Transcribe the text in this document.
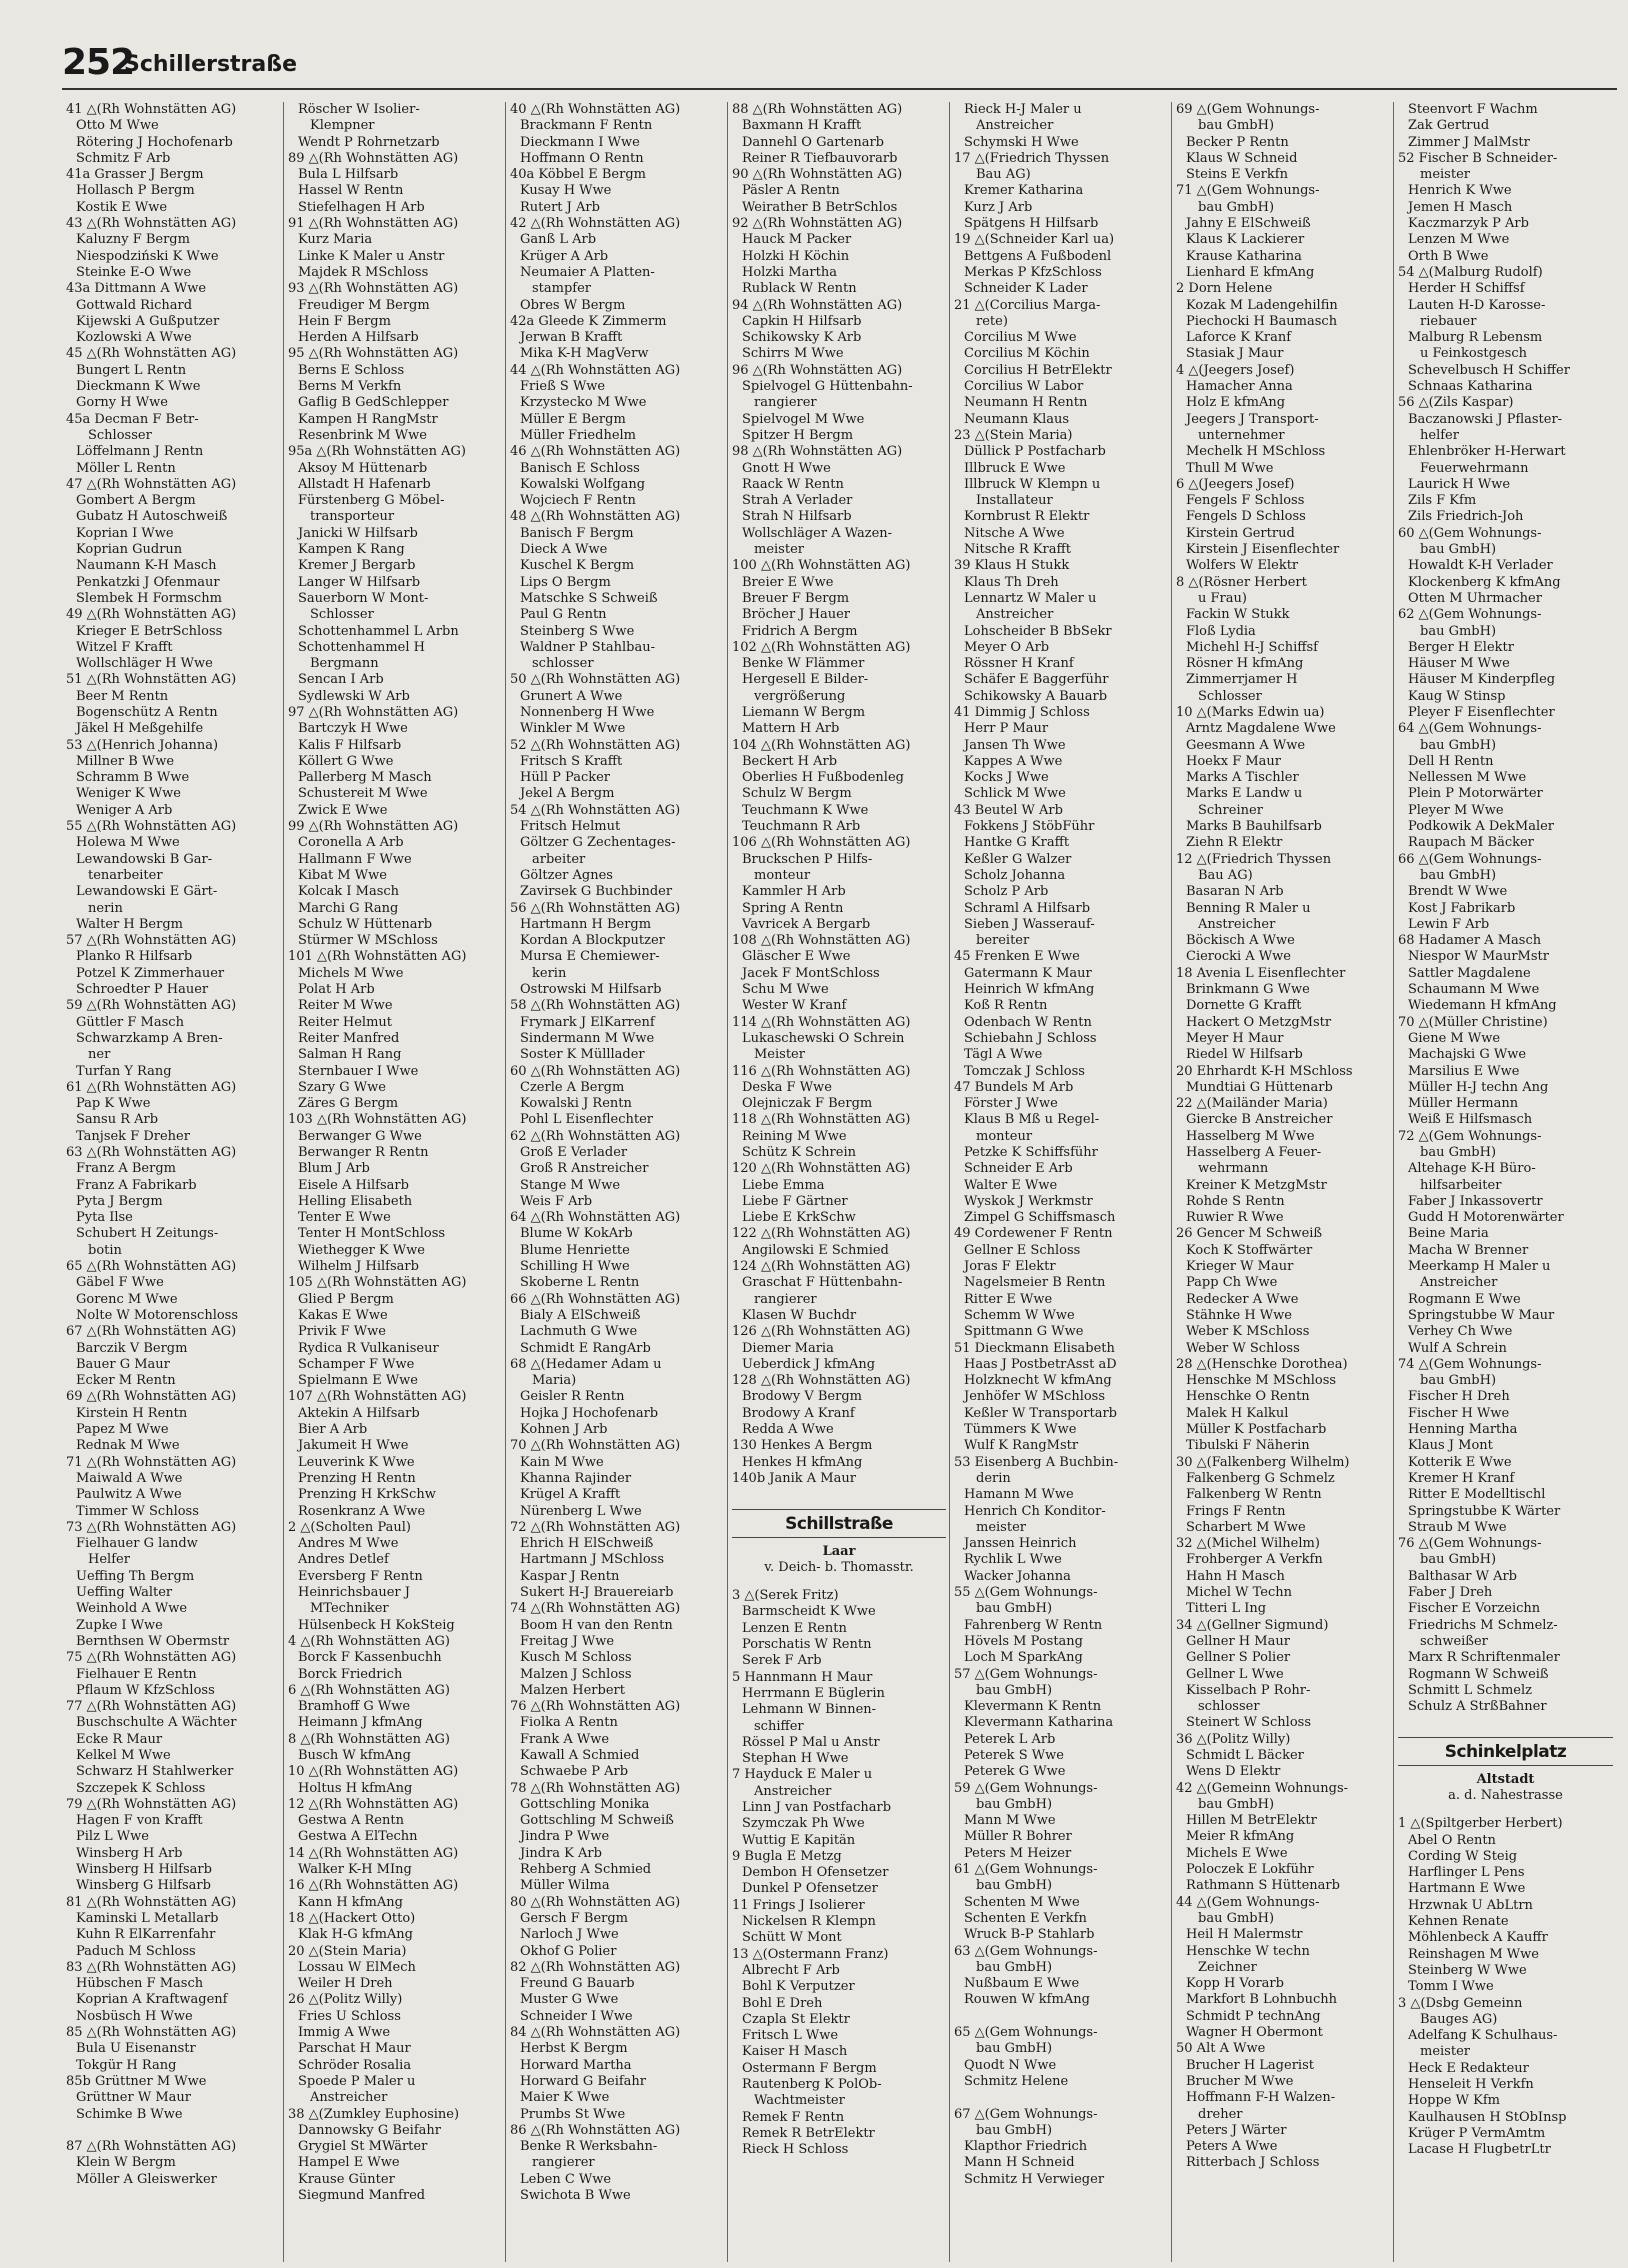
252
Schillerstraße
41 △(Rh Wohnstätten AG)
Otto M Wwe
Rötering J Hochofenarb
Schmitz F Arb
41a Grasser J Bergm
Hollasch P Bergm
Kostik E Wwe
43 △(Rh Wohnstätten AG)
Kaluzny F Bergm
Niespodziński K Wwe
Steinke E-O Wwe
43a Dittmann A Wwe
Gottwald Richard
Kijewski A Gußputzer
Kozlowski A Wwe
45 △(Rh Wohnstätten AG)
Bungert L Rentn
Dieckmann K Wwe
Gorny H Wwe
45a Decman F Betr-
Schlosser
Löffelmann J Rentn
Möller L Rentn
47 △(Rh Wohnstätten AG)
Gombert A Bergm
Gubatz H Autoschweiß
Koprian I Wwe
Koprian Gudrun
Naumann K-H Masch
Penkatzki J Ofenmaur
Slembek H Formschm
49 △(Rh Wohnstätten AG)
Krieger E BetrSchloss
Witzel F Krafft
Wollschläger H Wwe
51 △(Rh Wohnstätten AG)
Beer M Rentn
Bogenschütz A Rentn
Jäkel H Meßgehilfe
53 △(Henrich Johanna)
Millner B Wwe
Schramm B Wwe
Weniger K Wwe
Weniger A Arb
55 △(Rh Wohnstätten AG)
Holewa M Wwe
Lewandowski B Gar-
tenarbeiter
Lewandowski E Gärt-
nerin
Walter H Bergm
57 △(Rh Wohnstätten AG)
Planko R Hilfsarb
Potzel K Zimmerhauer
Schroedter P Hauer
59 △(Rh Wohnstätten AG)
Güttler F Masch
Schwarzkamp A Bren-
ner
Turfan Y Rang
61 △(Rh Wohnstätten AG)
Pap K Wwe
Sansu R Arb
Tanjsek F Dreher
63 △(Rh Wohnstätten AG)
Franz A Bergm
Franz A Fabrikarb
Pyta J Bergm
Pyta Ilse
Schubert H Zeitungs-
botin
65 △(Rh Wohnstätten AG)
Gäbel F Wwe
Gorenc M Wwe
Nolte W Motorenschloss
67 △(Rh Wohnstätten AG)
Barczik V Bergm
Bauer G Maur
Ecker M Rentn
69 △(Rh Wohnstätten AG)
Kirstein H Rentn
Papez M Wwe
Rednak M Wwe
71 △(Rh Wohnstätten AG)
Maiwald A Wwe
Paulwitz A Wwe
Timmer W Schloss
73 △(Rh Wohnstätten AG)
Fielhauer G landw
Helfer
Ueffing Th Bergm
Ueffing Walter
Weinhold A Wwe
Zupke I Wwe
Bernthsen W Obermstr
75 △(Rh Wohnstätten AG)
Fielhauer E Rentn
Pflaum W KfzSchloss
77 △(Rh Wohnstätten AG)
Buschschulte A Wächter
Ecke R Maur
Kelkel M Wwe
Schwarz H Stahlwerker
Szczepek K Schloss
79 △(Rh Wohnstätten AG)
Hagen F von Krafft
Pilz L Wwe
Winsberg H Arb
Winsberg H Hilfsarb
Winsberg G Hilfsarb
81 △(Rh Wohnstätten AG)
Kaminski L Metallarb
Kuhn R ElKarrenfahr
Paduch M Schloss
83 △(Rh Wohnstätten AG)
Hübschen F Masch
Koprian A Kraftwagenf
Nosbüsch H Wwe
85 △(Rh Wohnstätten AG)
Bula U Eisenanstr
Tokgür H Rang
85b Grüttner M Wwe
Grüttner W Maur
Schimke B Wwe

87 △(Rh Wohnstätten AG)
Klein W Bergm
Möller A Gleiswerker
Röscher W Isolier-
Klempner
Wendt P Rohrnetzarb
89 △(Rh Wohnstätten AG)
Bula L Hilfsarb
Hassel W Rentn
Stiefelhagen H Arb
91 △(Rh Wohnstätten AG)
Kurz Maria
Linke K Maler u Anstr
Majdek R MSchloss
93 △(Rh Wohnstätten AG)
Freudiger M Bergm
Hein F Bergm
Herden A Hilfsarb
95 △(Rh Wohnstätten AG)
Berns E Schloss
Berns M Verkfn
Gaflig B GedSchlepper
Kampen H RangMstr
Resenbrink M Wwe
95a △(Rh Wohnstätten AG)
Aksoy M Hüttenarb
Allstadt H Hafenarb
Fürstenberg G Möbel-
transporteur
Janicki W Hilfsarb
Kampen K Rang
Kremer J Bergarb
Langer W Hilfsarb
Sauerborn W Mont-
Schlosser
Schottenhammel L Arbn
Schottenhammel H
Bergmann
Sencan I Arb
Sydlewski W Arb
97 △(Rh Wohnstätten AG)
Bartczyk H Wwe
Kalis F Hilfsarb
Köllert G Wwe
Pallerberg M Masch
Schustereit M Wwe
Zwick E Wwe
99 △(Rh Wohnstätten AG)
Coronella A Arb
Hallmann F Wwe
Kibat M Wwe
Kolcak I Masch
Marchi G Rang
Schulz W Hüttenarb
Stürmer W MSchloss
101 △(Rh Wohnstätten AG)
Michels M Wwe
Polat H Arb
Reiter M Wwe
Reiter Helmut
Reiter Manfred
Salman H Rang
Sternbauer I Wwe
Szary G Wwe
Zäres G Bergm
103 △(Rh Wohnstätten AG)
Berwanger G Wwe
Berwanger R Rentn
Blum J Arb
Eisele A Hilfsarb
Helling Elisabeth
Tenter E Wwe
Tenter H MontSchloss
Wiethegger K Wwe
Wilhelm J Hilfsarb
105 △(Rh Wohnstätten AG)
Glied P Bergm
Kakas E Wwe
Privik F Wwe
Rydica R Vulkaniseur
Schamper F Wwe
Spielmann E Wwe
107 △(Rh Wohnstätten AG)
Aktekin A Hilfsarb
Bier A Arb
Jakumeit H Wwe
Leuverink K Wwe
Prenzing H Rentn
Prenzing H KrkSchw
Rosenkranz A Wwe
2 △(Scholten Paul)
Andres M Wwe
Andres Detlef
Eversberg F Rentn
Heinrichsbauer J
MTechniker
Hülsenbeck H KokSteig
4 △(Rh Wohnstätten AG)
Borck F Kassenbuchh
Borck Friedrich
6 △(Rh Wohnstätten AG)
Bramhoff G Wwe
Heimann J kfmAng
8 △(Rh Wohnstätten AG)
Busch W kfmAng
10 △(Rh Wohnstätten AG)
Holtus H kfmAng
12 △(Rh Wohnstätten AG)
Gestwa A Rentn
Gestwa A ElTechn
14 △(Rh Wohnstätten AG)
Walker K-H MIng
16 △(Rh Wohnstätten AG)
Kann H kfmAng
18 △(Hackert Otto)
Klak H-G kfmAng
20 △(Stein Maria)
Lossau W ElMech
Weiler H Dreh
26 △(Politz Willy)
Fries U Schloss
Immig A Wwe
Parschat H Maur
Schröder Rosalia
Spoede P Maler u
Anstreicher
38 △(Zumkley Euphosine)
Dannowsky G Beifahr
Grygiel St MWärter
Hampel E Wwe
Krause Günter
Siegmund Manfred
40 △(Rh Wohnstätten AG)
Brackmann F Rentn
Dieckmann I Wwe
Hoffmann O Rentn
40a Köbbel E Bergm
Kusay H Wwe
Rutert J Arb
42 △(Rh Wohnstätten AG)
Ganß L Arb
Krüger A Arb
Neumaier A Platten-
stampfer
Obres W Bergm
42a Gleede K Zimmerm
Jerwan B Krafft
Mika K-H MagVerw
44 △(Rh Wohnstätten AG)
Frieß S Wwe
Krzystecko M Wwe
Müller E Bergm
Müller Friedhelm
46 △(Rh Wohnstätten AG)
Banisch E Schloss
Kowalski Wolfgang
Wojciech F Rentn
48 △(Rh Wohnstätten AG)
Banisch F Bergm
Dieck A Wwe
Kuschel K Bergm
Lips O Bergm
Matschke S Schweiß
Paul G Rentn
Steinberg S Wwe
Waldner P Stahlbau-
schlosser
50 △(Rh Wohnstätten AG)
Grunert A Wwe
Nonnenberg H Wwe
Winkler M Wwe
52 △(Rh Wohnstätten AG)
Fritsch S Krafft
Hüll P Packer
Jekel A Bergm
54 △(Rh Wohnstätten AG)
Fritsch Helmut
Göltzer G Zechentages-
arbeiter
Göltzer Agnes
Zavirsek G Buchbinder
56 △(Rh Wohnstätten AG)
Hartmann H Bergm
Kordan A Blockputzer
Mursa E Chemiewer-
kerin
Ostrowski M Hilfsarb
58 △(Rh Wohnstätten AG)
Frymark J ElKarrenf
Sindermann M Wwe
Soster K Mülllader
60 △(Rh Wohnstätten AG)
Czerle A Bergm
Kowalski J Rentn
Pohl L Eisenflechter
62 △(Rh Wohnstätten AG)
Groß E Verlader
Groß R Anstreicher
Stange M Wwe
Weis F Arb
64 △(Rh Wohnstätten AG)
Blume W KokArb
Blume Henriette
Schilling H Wwe
Skoberne L Rentn
66 △(Rh Wohnstätten AG)
Bialy A ElSchweiß
Lachmuth G Wwe
Schmidt E RangArb
68 △(Hedamer Adam u
Maria)
Geisler R Rentn
Hojka J Hochofenarb
Kohnen J Arb
70 △(Rh Wohnstätten AG)
Kain M Wwe
Khanna Rajinder
Krügel A Krafft
Nürenberg L Wwe
72 △(Rh Wohnstätten AG)
Ehrich H ElSchweiß
Hartmann J MSchloss
Kaspar J Rentn
Sukert H-J Brauereiarb
74 △(Rh Wohnstätten AG)
Boom H van den Rentn
Freitag J Wwe
Kusch M Schloss
Malzen J Schloss
Malzen Herbert
76 △(Rh Wohnstätten AG)
Fiolka A Rentn
Frank A Wwe
Kawall A Schmied
Schwaebe P Arb
78 △(Rh Wohnstätten AG)
Gottschling Monika
Gottschling M Schweiß
Jindra P Wwe
Jindra K Arb
Rehberg A Schmied
Müller Wilma
80 △(Rh Wohnstätten AG)
Gersch F Bergm
Narloch J Wwe
Okhof G Polier
82 △(Rh Wohnstätten AG)
Freund G Bauarb
Muster G Wwe
Schneider I Wwe
84 △(Rh Wohnstätten AG)
Herbst K Bergm
Horward Martha
Horward G Beifahr
Maier K Wwe
Prumbs St Wwe
86 △(Rh Wohnstätten AG)
Benke R Werksbahn-
rangierer
Leben C Wwe
Swichota B Wwe
88 △(Rh Wohnstätten AG)
Baxmann H Krafft
Dannehl O Gartenarb
Reiner R Tiefbauvorarb
90 △(Rh Wohnstätten AG)
Päsler A Rentn
Weirather B BetrSchlos
92 △(Rh Wohnstätten AG)
Hauck M Packer
Holzki H Köchin
Holzki Martha
Rublack W Rentn
94 △(Rh Wohnstätten AG)
Capkin H Hilfsarb
Schikowsky K Arb
Schirrs M Wwe
96 △(Rh Wohnstätten AG)
Spielvogel G Hüttenbahn-
rangierer
Spielvogel M Wwe
Spitzer H Bergm
98 △(Rh Wohnstätten AG)
Gnott H Wwe
Raack W Rentn
Strah A Verlader
Strah N Hilfsarb
Wollschläger A Wazen-
meister
100 △(Rh Wohnstätten AG)
Breier E Wwe
Breuer F Bergm
Bröcher J Hauer
Fridrich A Bergm
102 △(Rh Wohnstätten AG)
Benke W Flämmer
Hergesell E Bilder-
vergrößerung
Liemann W Bergm
Mattern H Arb
104 △(Rh Wohnstätten AG)
Beckert H Arb
Oberlies H Fußbodenleg
Schulz W Bergm
Teuchmann K Wwe
Teuchmann R Arb
106 △(Rh Wohnstätten AG)
Bruckschen P Hilfs-
monteur
Kammler H Arb
Spring A Rentn
Vavricek A Bergarb
108 △(Rh Wohnstätten AG)
Gläscher E Wwe
Jacek F MontSchloss
Schu M Wwe
Wester W Kranf
114 △(Rh Wohnstätten AG)
Lukaschewski O Schrein
Meister
116 △(Rh Wohnstätten AG)
Deska F Wwe
Olejniczak F Bergm
118 △(Rh Wohnstätten AG)
Reining M Wwe
Schütz K Schrein
120 △(Rh Wohnstätten AG)
Liebe Emma
Liebe F Gärtner
Liebe E KrkSchw
122 △(Rh Wohnstätten AG)
Angilowski E Schmied
124 △(Rh Wohnstätten AG)
Graschat F Hüttenbahn-
rangierer
Klasen W Buchdr
126 △(Rh Wohnstätten AG)
Diemer Maria
Ueberdick J kfmAng
128 △(Rh Wohnstätten AG)
Brodowy V Bergm
Brodowy A Kranf
Redda A Wwe
130 Henkes A Bergm
Henkes H kfmAng
140b Janik A Maur
Schillstraße
Laar
v. Deich- b. Thomasstr.
3 △(Serek Fritz)
Barmscheidt K Wwe
Lenzen E Rentn
Porschatis W Rentn
Serek F Arb
5 Hannmann H Maur
Herrmann E Büglerin
Lehmann W Binnen-
schiffer
Rössel P Mal u Anstr
Stephan H Wwe
7 Hayduck E Maler u
Anstreicher
Linn J van Postfacharb
Szymczak Ph Wwe
Wuttig E Kapitän
9 Bugla E Metzg
Dembon H Ofensetzer
Dunkel P Ofensetzer
11 Frings J Isolierer
Nickelsen R Klempn
Schütt W Mont
13 △(Ostermann Franz)
Albrecht F Arb
Bohl K Verputzer
Bohl E Dreh
Czapla St Elektr
Fritsch L Wwe
Kaiser H Masch
Ostermann F Bergm
Rautenberg K PolOb-
Wachtmeister
Remek F Rentn
Remek R BetrElektr
Rieck H Schloss
Rieck H-J Maler u
Anstreicher
Schymski H Wwe
17 △(Friedrich Thyssen
Bau AG)
Kremer Katharina
Kurz J Arb
Spätgens H Hilfsarb
19 △(Schneider Karl ua)
Bettgens A Fußbodenl
Merkas P KfzSchloss
Schneider K Lader
21 △(Corcilius Marga-
rete)
Corcilius M Wwe
Corcilius M Köchin
Corcilius H BetrElektr
Corcilius W Labor
Neumann H Rentn
Neumann Klaus
23 △(Stein Maria)
Düllick P Postfacharb
Illbruck E Wwe
Illbruck W Klempn u
Installateur
Kornbrust R Elektr
Nitsche A Wwe
Nitsche R Krafft
39 Klaus H Stukk
Klaus Th Dreh
Lennartz W Maler u
Anstreicher
Lohscheider B BbSekr
Meyer O Arb
Rössner H Kranf
Schäfer E Baggerführ
Schikowsky A Bauarb
41 Dimmig J Schloss
Herr P Maur
Jansen Th Wwe
Kappes A Wwe
Kocks J Wwe
Schlick M Wwe
43 Beutel W Arb
Fokkens J StöbFühr
Hantke G Krafft
Keßler G Walzer
Scholz Johanna
Scholz P Arb
Schraml A Hilfsarb
Sieben J Wasserauf-
bereiter
45 Frenken E Wwe
Gatermann K Maur
Heinrich W kfmAng
Koß R Rentn
Odenbach W Rentn
Schiebahn J Schloss
Tägl A Wwe
Tomczak J Schloss
47 Bundels M Arb
Förster J Wwe
Klaus B Mß u Regel-
monteur
Petzke K Schiffsführ
Schneider E Arb
Walter E Wwe
Wyskok J Werkmstr
Zimpel G Schiffsmasch
49 Cordewener F Rentn
Gellner E Schloss
Joras F Elektr
Nagelsmeier B Rentn
Ritter E Wwe
Schemm W Wwe
Spittmann G Wwe
51 Dieckmann Elisabeth
Haas J PostbetrAsst aD
Holzknecht W kfmAng
Jenhöfer W MSchloss
Keßler W Transportarb
Tümmers K Wwe
Wulf K RangMstr
53 Eisenberg A Buchbin-
derin
Hamann M Wwe
Henrich Ch Konditor-
meister
Janssen Heinrich
Rychlik L Wwe
Wacker Johanna
55 △(Gem Wohnungs-
bau GmbH)
Fahrenberg W Rentn
Hövels M Postang
Loch M SparkAng
57 △(Gem Wohnungs-
bau GmbH)
Klevermann K Rentn
Klevermann Katharina
Peterek L Arb
Peterek S Wwe
Peterek G Wwe
59 △(Gem Wohnungs-
bau GmbH)
Mann M Wwe
Müller R Bohrer
Peters M Heizer
61 △(Gem Wohnungs-
bau GmbH)
Schenten M Wwe
Schenten E Verkfn
Wruck B-P Stahlarb
63 △(Gem Wohnungs-
bau GmbH)
Nußbaum E Wwe
Rouwen W kfmAng

65 △(Gem Wohnungs-
bau GmbH)
Quodt N Wwe
Schmitz Helene

67 △(Gem Wohnungs-
bau GmbH)
Klapthor Friedrich
Mann H Schneid
Schmitz H Verwieger
69 △(Gem Wohnungs-
bau GmbH)
Becker P Rentn
Klaus W Schneid
Steins E Verkfn
71 △(Gem Wohnungs-
bau GmbH)
Jahny E ElSchweiß
Klaus K Lackierer
Krause Katharina
Lienhard E kfmAng
2 Dorn Helene
Kozak M Ladengehilfin
Piechocki H Baumasch
Laforce K Kranf
Stasiak J Maur
4 △(Jeegers Josef)
Hamacher Anna
Holz E kfmAng
Jeegers J Transport-
unternehmer
Mechelk H MSchloss
Thull M Wwe
6 △(Jeegers Josef)
Fengels F Schloss
Fengels D Schloss
Kirstein Gertrud
Kirstein J Eisenflechter
Wolfers W Elektr
8 △(Rösner Herbert
u Frau)
Fackin W Stukk
Floß Lydia
Michehl H-J Schiffsf
Rösner H kfmAng
Zimmerrjamer H
Schlosser
10 △(Marks Edwin ua)
Arntz Magdalene Wwe
Geesmann A Wwe
Hoekx F Maur
Marks A Tischler
Marks E Landw u
Schreiner
Marks B Bauhilfsarb
Ziehn R Elektr
12 △(Friedrich Thyssen
Bau AG)
Basaran N Arb
Benning R Maler u
Anstreicher
Böckisch A Wwe
Cierocki A Wwe
18 Avenia L Eisenflechter
Brinkmann G Wwe
Dornette G Krafft
Hackert O MetzgMstr
Meyer H Maur
Riedel W Hilfsarb
20 Ehrhardt K-H MSchloss
Mundtiai G Hüttenarb
22 △(Mailänder Maria)
Giercke B Anstreicher
Hasselberg M Wwe
Hasselberg A Feuer-
wehrmann
Kreiner K MetzgMstr
Rohde S Rentn
Ruwier R Wwe
26 Gencer M Schweiß
Koch K Stoffwärter
Krieger W Maur
Papp Ch Wwe
Redecker A Wwe
Stähnke H Wwe
Weber K MSchloss
Weber W Schloss
28 △(Henschke Dorothea)
Henschke M MSchloss
Henschke O Rentn
Malek H Kalkul
Müller K Postfacharb
Tibulski F Näherin
30 △(Falkenberg Wilhelm)
Falkenberg G Schmelz
Falkenberg W Rentn
Frings F Rentn
Scharbert M Wwe
32 △(Michel Wilhelm)
Frohberger A Verkfn
Hahn H Masch
Michel W Techn
Titteri L Ing
34 △(Gellner Sigmund)
Gellner H Maur
Gellner S Polier
Gellner L Wwe
Kisselbach P Rohr-
schlosser
Steinert W Schloss
36 △(Politz Willy)
Schmidt L Bäcker
Wens D Elektr
42 △(Gemeinn Wohnungs-
bau GmbH)
Hillen M BetrElektr
Meier R kfmAng
Michels E Wwe
Poloczek E Lokführ
Rathmann S Hüttenarb
44 △(Gem Wohnungs-
bau GmbH)
Heil H Malermstr
Henschke W techn
Zeichner
Kopp H Vorarb
Markfort B Lohnbuchh
Schmidt P technAng
Wagner H Obermont
50 Alt A Wwe
Brucher H Lagerist
Brucher M Wwe
Hoffmann F-H Walzen-
dreher
Peters J Wärter
Peters A Wwe
Ritterbach J Schloss
Steenvort F Wachm
Zak Gertrud
Zimmer J MalMstr
52 Fischer B Schneider-
meister
Henrich K Wwe
Jemen H Masch
Kaczmarzyk P Arb
Lenzen M Wwe
Orth B Wwe
54 △(Malburg Rudolf)
Herder H Schiffsf
Lauten H-D Karosse-
riebauer
Malburg R Lebensm
u Feinkostgesch
Schevelbusch H Schiffer
Schnaas Katharina
56 △(Zils Kaspar)
Baczanowski J Pflaster-
helfer
Ehlenbröker H-Herwart
Feuerwehrmann
Laurick H Wwe
Zils F Kfm
Zils Friedrich-Joh
60 △(Gem Wohnungs-
bau GmbH)
Howaldt K-H Verlader
Klockenberg K kfmAng
Otten M Uhrmacher
62 △(Gem Wohnungs-
bau GmbH)
Berger H Elektr
Häuser M Wwe
Häuser M Kinderpfleg
Kaug W Stinsp
Pleyer F Eisenflechter
64 △(Gem Wohnungs-
bau GmbH)
Dell H Rentn
Nellessen M Wwe
Plein P Motorwärter
Pleyer M Wwe
Podkowik A DekMaler
Raupach M Bäcker
66 △(Gem Wohnungs-
bau GmbH)
Brendt W Wwe
Kost J Fabrikarb
Lewin F Arb
68 Hadamer A Masch
Niespor W MaurMstr
Sattler Magdalene
Schaumann M Wwe
Wiedemann H kfmAng
70 △(Müller Christine)
Giene M Wwe
Machajski G Wwe
Marsilius E Wwe
Müller H-J techn Ang
Müller Hermann
Weiß E Hilfsmasch
72 △(Gem Wohnungs-
bau GmbH)
Altehage K-H Büro-
hilfsarbeiter
Faber J Inkassovertr
Gudd H Motorenwärter
Beine Maria
Macha W Brenner
Meerkamp H Maler u
Anstreicher
Rogmann E Wwe
Springstubbe W Maur
Verhey Ch Wwe
Wulf A Schrein
74 △(Gem Wohnungs-
bau GmbH)
Fischer H Dreh
Fischer H Wwe
Henning Martha
Klaus J Mont
Kotterik E Wwe
Kremer H Kranf
Ritter E Modelltischl
Springstubbe K Wärter
Straub M Wwe
76 △(Gem Wohnungs-
bau GmbH)
Balthasar W Arb
Faber J Dreh
Fischer E Vorzeichn
Friedrichs M Schmelz-
schweißer
Marx R Schriftenmaler
Rogmann W Schweiß
Schmitt L Schmelz
Schulz A StrßBahner
Schinkelplatz
Altstadt
a. d. Nahestrasse
1 △(Spiltgerber Herbert)
Abel O Rentn
Cording W Steig
Harflinger L Pens
Hartmann E Wwe
Hrzwnak U AbLtrn
Kehnen Renate
Möhlenbeck A Kauffr
Reinshagen M Wwe
Steinberg W Wwe
Tomm I Wwe
3 △(Dsbg Gemeinn
Bauges AG)
Adelfang K Schulhaus-
meister
Heck E Redakteur
Henseleit H Verkfn
Hoppe W Kfm
Kaulhausen H StObInsp
Krüger P VermAmtm
Lacase H FlugbetrLtr
